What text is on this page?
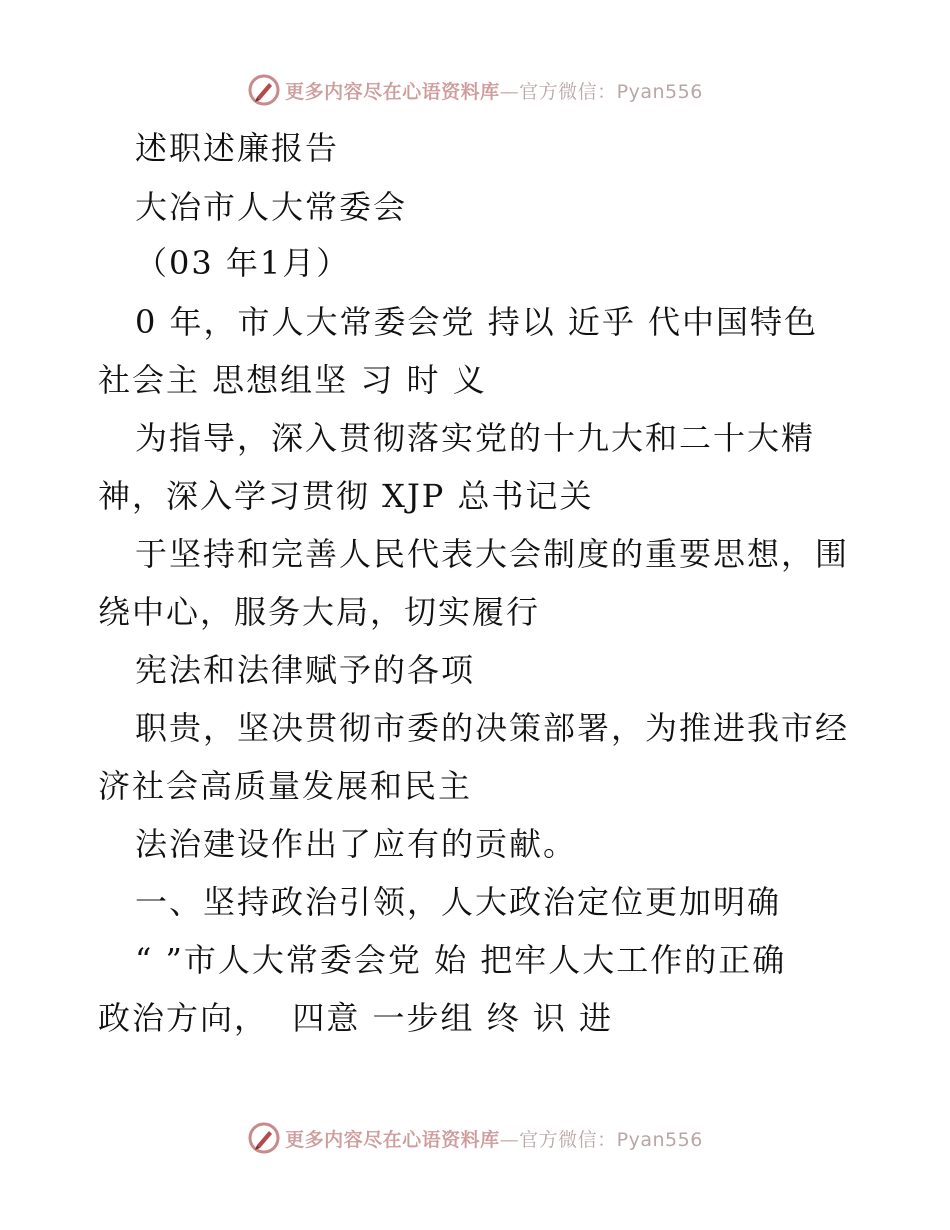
更多内容尽在心语资料库—官方微信：Pyan556
述职述廉报告
大冶市人大常委会
（03 年1月）
0 年，市人大常委会党 持以 近乎 代中国特色
社会主 思想组坚 习 时 义
为指导，深入贯彻落实党的十九大和二十大精
神，深入学习贯彻 XJP 总书记关
于坚持和完善人民代表大会制度的重要思想，围
绕中心，服务大局，切实履行
宪法和法律赋予的各项
职贵，坚决贯彻市委的决策部署，为推进我市经
济社会高质量发展和民主
法治建设作出了应有的贡献。
一、坚持政治引领，人大政治定位更加明确
“ ”市人大常委会党 始 把牢人大工作的正确
政治方向，  四意 一步组 终 识 进
更多内容尽在心语资料库—官方微信：Pyan556
